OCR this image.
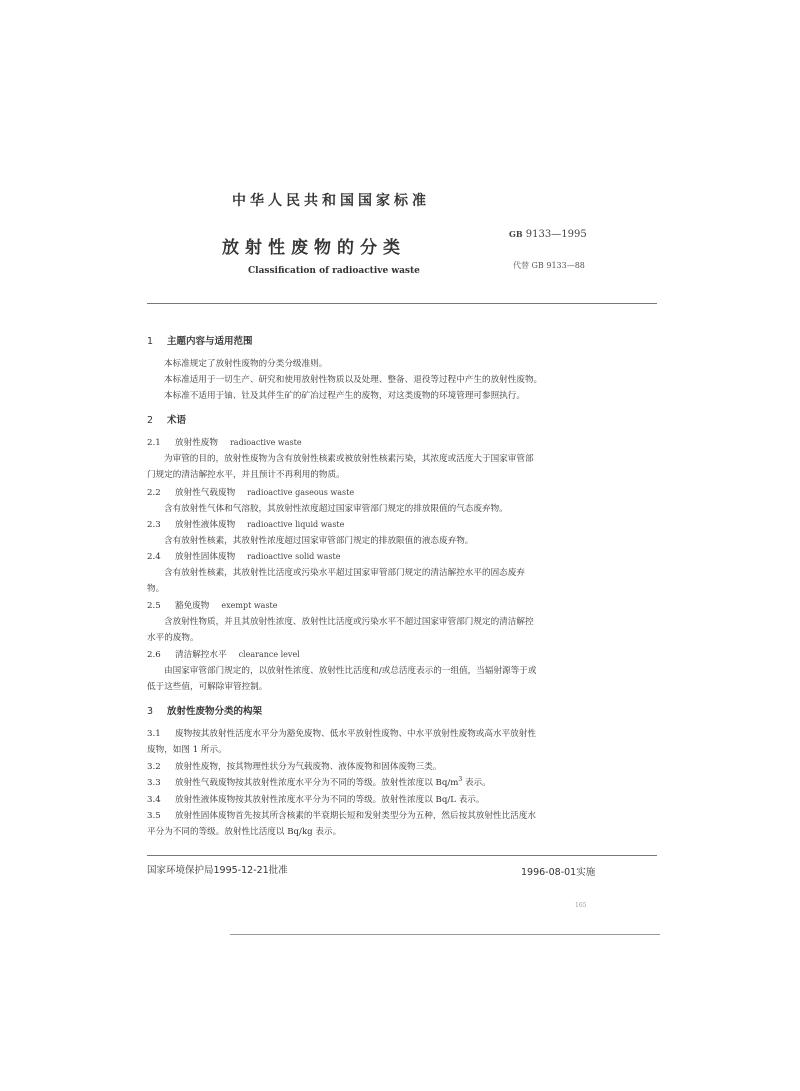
中华人民共和国国家标准
放射性废物的分类
Classification of radioactive waste
GB 9133—1995
代替 GB 9133—88
1 主题内容与适用范围
本标准规定了放射性废物的分类分级准则。
本标准适用于一切生产、研究和使用放射性物质以及处理、整备、退役等过程中产生的放射性废物。
本标准不适用于铀、钍及其伴生矿的矿冶过程产生的废物，对这类废物的环境管理可参照执行。
2 术语
2.1 放射性废物 radioactive waste
为审管的目的，放射性废物为含有放射性核素或被放射性核素污染，其浓度或活度大于国家审管部
门规定的清洁解控水平，并且预计不再利用的物质。
2.2 放射性气载废物 radioactive gaseous waste
含有放射性气体和气溶胶，其放射性浓度超过国家审管部门规定的排放限值的气态废弃物。
2.3 放射性液体废物 radioactive liquid waste
含有放射性核素，其放射性浓度超过国家审管部门规定的排放限值的液态废弃物。
2.4 放射性固体废物 radioactive solid waste
含有放射性核素，其放射性比活度或污染水平超过国家审管部门规定的清洁解控水平的固态废弃
物。
2.5 豁免废物 exempt waste
含放射性物质，并且其放射性浓度、放射性比活度或污染水平不超过国家审管部门规定的清洁解控
水平的废物。
2.6 清洁解控水平 clearance level
由国家审管部门规定的，以放射性浓度、放射性比活度和/或总活度表示的一组值，当辐射源等于或
低于这些值，可解除审管控制。
3 放射性废物分类的构架
3.1 废物按其放射性活度水平分为豁免废物、低水平放射性废物、中水平放射性废物或高水平放射性
废物，如图 1 所示。
3.2 放射性废物，按其物理性状分为气载废物、液体废物和固体废物三类。
3.3 放射性气载废物按其放射性浓度水平分为不同的等级。放射性浓度以 $Bq/m^3$ 表示。
3.4 放射性液体废物按其放射性浓度水平分为不同的等级。放射性浓度以 Bq/L 表示。
3.5 放射性固体废物首先按其所含核素的半衰期长短和发射类型分为五种，然后按其放射性比活度水
平分为不同的等级。放射性比活度以 Bq/kg 表示。
国家环境保护局1995-12-21批准	1996-08-01实施
165
